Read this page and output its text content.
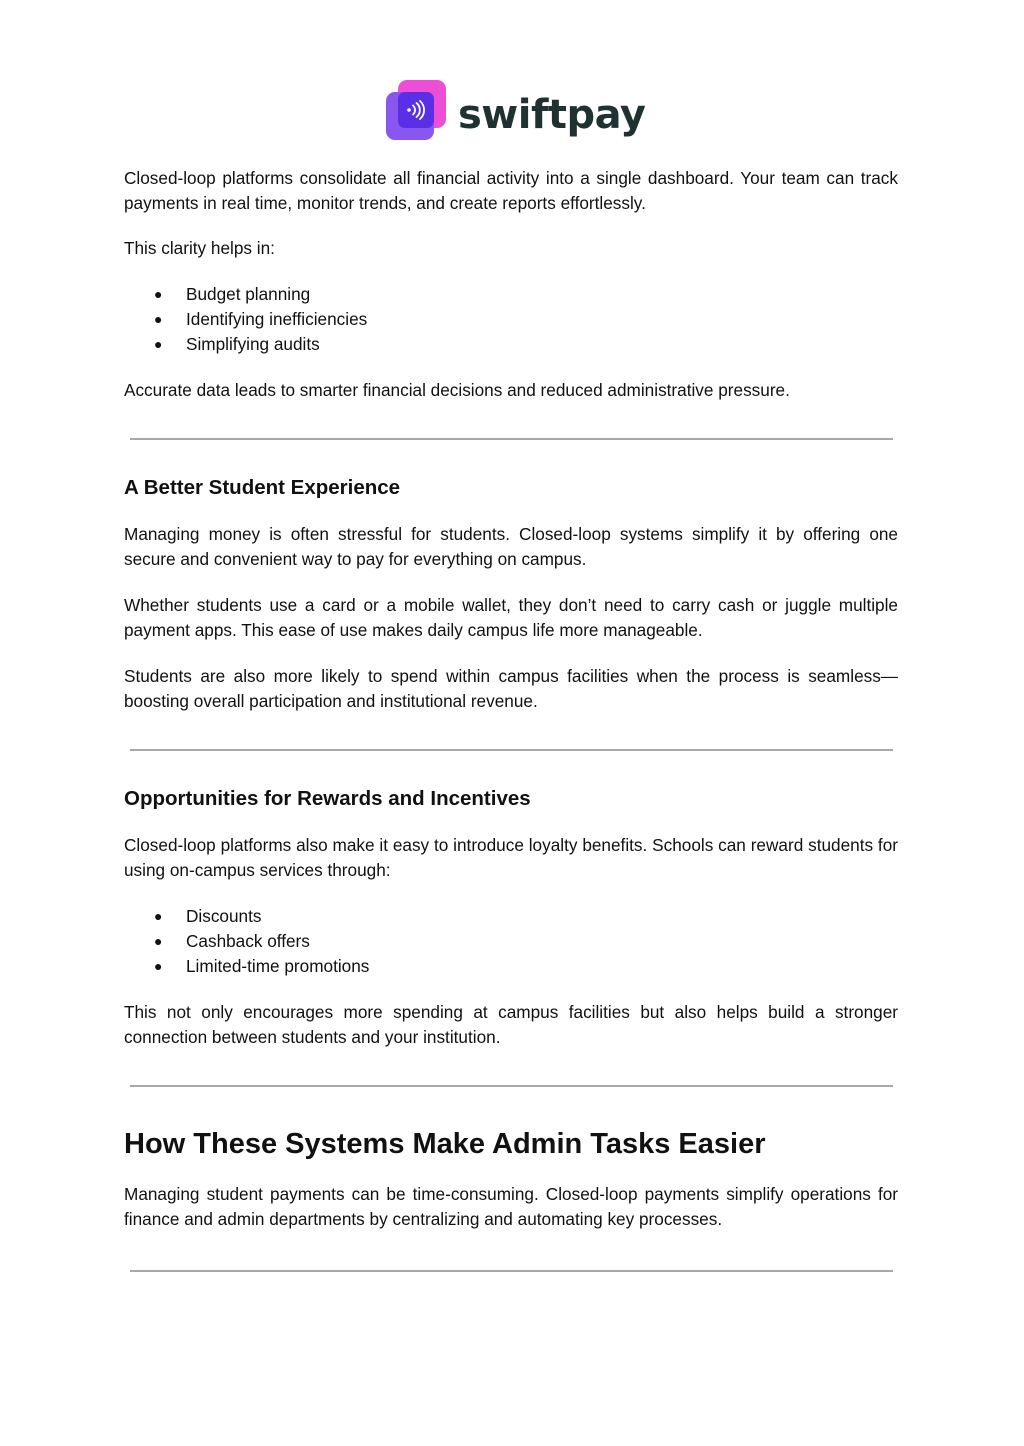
swiftpay

Closed-loop platforms consolidate all financial activity into a single dashboard. Your team can track payments in real time, monitor trends, and create reports effortlessly.

This clarity helps in:

● Budget planning
● Identifying inefficiencies
● Simplifying audits

Accurate data leads to smarter financial decisions and reduced administrative pressure.

A Better Student Experience

Managing money is often stressful for students. Closed-loop systems simplify it by offering one secure and convenient way to pay for everything on campus.

Whether students use a card or a mobile wallet, they don’t need to carry cash or juggle multiple payment apps. This ease of use makes daily campus life more manageable.

Students are also more likely to spend within campus facilities when the process is seamless—boosting overall participation and institutional revenue.

Opportunities for Rewards and Incentives

Closed-loop platforms also make it easy to introduce loyalty benefits. Schools can reward students for using on-campus services through:

● Discounts
● Cashback offers
● Limited-time promotions

This not only encourages more spending at campus facilities but also helps build a stronger connection between students and your institution.

How These Systems Make Admin Tasks Easier

Managing student payments can be time-consuming. Closed-loop payments simplify operations for finance and admin departments by centralizing and automating key processes.
